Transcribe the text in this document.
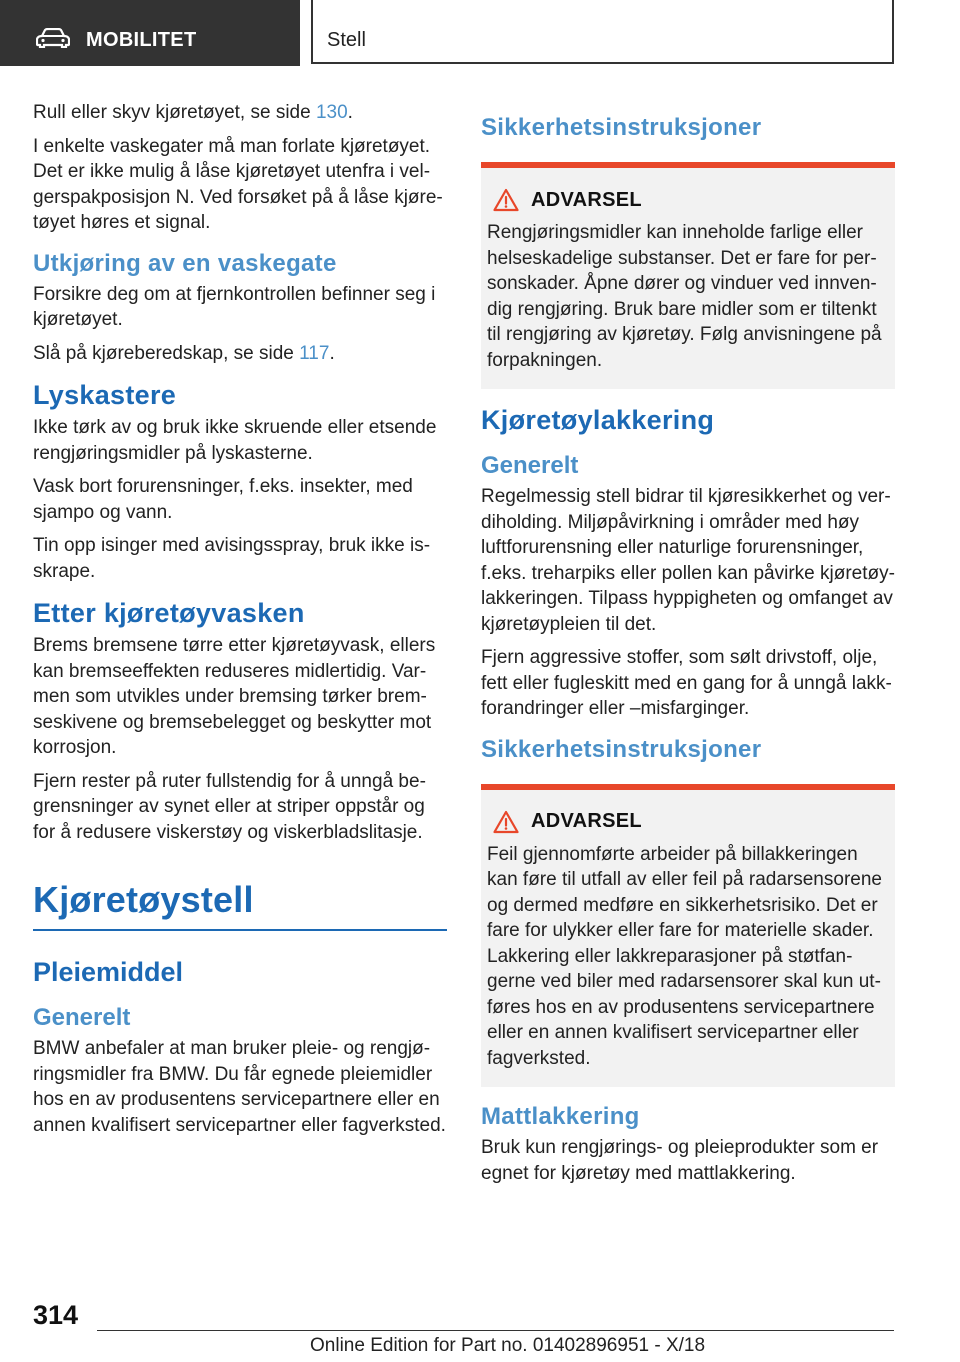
MOBILITET	Stell

Rull eller skyv kjøretøyet, se side 130.

I enkelte vaskegater må man forlate kjøretøyet. Det er ikke mulig å låse kjøretøyet utenfra i velgerspakposisjon N. Ved forsøket på å låse kjøretøyet høres et signal.

Utkjøring av en vaskegate

Forsikre deg om at fjernkontrollen befinner seg i kjøretøyet.

Slå på kjøreberedskap, se side 117.

Lyskastere

Ikke tørk av og bruk ikke skruende eller etsende rengjøringsmidler på lyskasterne.

Vask bort forurensninger, f.eks. insekter, med sjampo og vann.

Tin opp isinger med avisingsspray, bruk ikke isskrape.

Etter kjøretøyvasken

Brems bremsene tørre etter kjøretøyvask, ellers kan bremseeffekten reduseres midlertidig. Varmen som utvikles under bremsing tørker bremseskivene og bremsebelegget og beskytter mot korrosjon.

Fjern rester på ruter fullstendig for å unngå begrensninger av synet eller at striper oppstår og for å redusere viskerstøy og viskerbladslitasje.

Kjøretøystell
Pleiemiddel
Generelt

BMW anbefaler at man bruker pleie- og rengjøringsmidler fra BMW. Du får egnede pleiemidler hos en av produsentens servicepartnere eller en annen kvalifisert servicepartner eller fagverksted.

Sikkerhetsinstruksjoner
ADVARSEL

Rengjøringsmidler kan inneholde farlige eller helseskadelige substanser. Det er fare for personskader. Åpne dører og vinduer ved innvendig rengjøring. Bruk bare midler som er tiltenkt til rengjøring av kjøretøy. Følg anvisningene på forpakningen.

Kjøretøylakkering
Generelt

Regelmessig stell bidrar til kjøresikkerhet og verdiholding. Miljøpåvirkning i områder med høy luftforurensning eller naturlige forurensninger, f.eks. treharpiks eller pollen kan påvirke kjøretøylakkeringen. Tilpass hyppigheten og omfanget av kjøretøypleien til det.

Fjern aggressive stoffer, som sølt drivstoff, olje, fett eller fugleskitt med en gang for å unngå lakkforandringer eller –misfarginger.

Sikkerhetsinstruksjoner
ADVARSEL

Feil gjennomførte arbeider på billakkeringen kan føre til utfall av eller feil på radarsensorene og dermed medføre en sikkerhetsrisiko. Det er fare for ulykker eller fare for materielle skader. Lakkering eller lakkreparasjoner på støtfangerne ved biler med radarsensorer skal kun utføres hos en av produsentens servicepartnere eller en annen kvalifisert servicepartner eller fagverksted.

Mattlakkering

Bruk kun rengjørings- og pleieprodukter som er egnet for kjøretøy med mattlakkering.

314
Online Edition for Part no. 01402896951 - X/18
